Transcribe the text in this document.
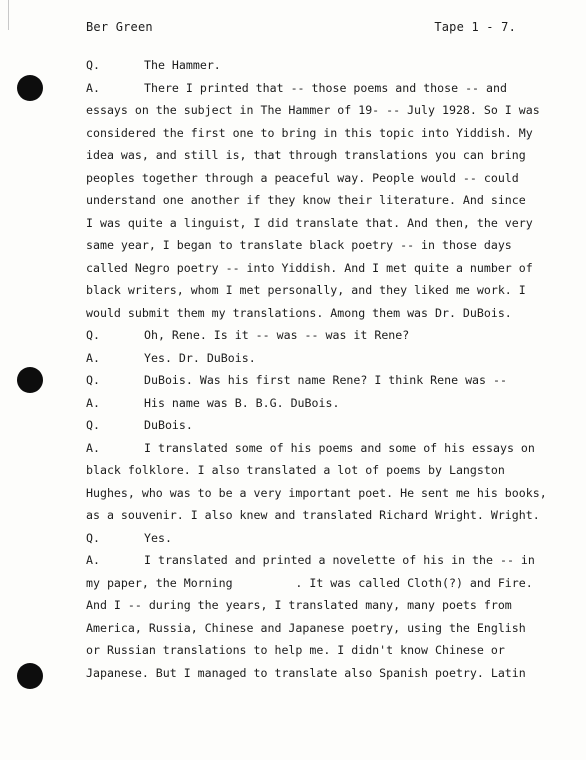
Ber Green	Tape 1 - 7.
Q.	The Hammer.
A.	There I printed that -- those poems and those -- and
essays on the subject in The Hammer of 19- -- July 1928. So I was
considered the first one to bring in this topic into Yiddish. My
idea was, and still is, that through translations you can bring
peoples together through a peaceful way. People would -- could
understand one another if they know their literature. And since
I was quite a linguist, I did translate that. And then, the very
same year, I began to translate black poetry -- in those days
called Negro poetry -- into Yiddish. And I met quite a number of
black writers, whom I met personally, and they liked me work. I
would submit them my translations. Among them was Dr. DuBois.
Q.	Oh, Rene. Is it -- was -- was it Rene?
A.	Yes. Dr. DuBois.
Q.	DuBois. Was his first name Rene? I think Rene was --
A.	His name was B. B.G. DuBois.
Q.	DuBois.
A.	I translated some of his poems and some of his essays on
black folklore. I also translated a lot of poems by Langston
Hughes, who was to be a very important poet. He sent me his books,
as a souvenir. I also knew and translated Richard Wright. Wright.
Q.	Yes.
A.	I translated and printed a novelette of his in the -- in
my paper, the Morning         . It was called Cloth(?) and Fire.
And I -- during the years, I translated many, many poets from
America, Russia, Chinese and Japanese poetry, using the English
or Russian translations to help me. I didn't know Chinese or
Japanese. But I managed to translate also Spanish poetry. Latin
